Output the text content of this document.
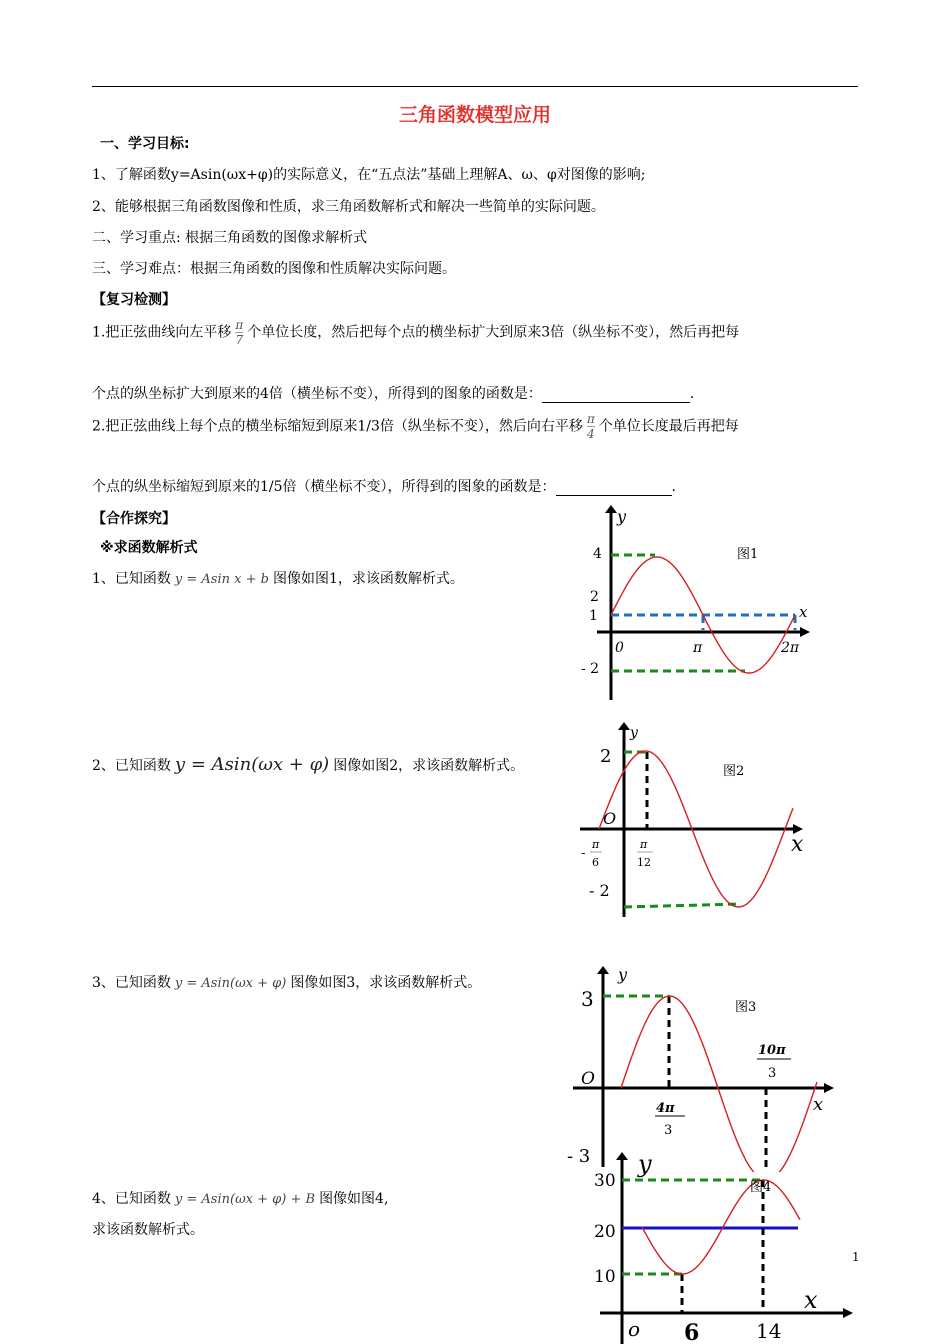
三角函数模型应用
一、学习目标:
1、了解函数y=Asin(ωx+φ)的实际意义，在“五点法”基础上理解A、ω、φ对图像的影响;
2、能够根据三角函数图像和性质，求三角函数解析式和解决一些简单的实际问题。
二、学习重点: 根据三角函数的图像求解析式
三、学习难点：根据三角函数的图像和性质解决实际问题。
【复习检测】
1.把正弦曲线向左平移 $\frac{\pi}{7}$ 个单位长度，然后把每个点的横坐标扩大到原来3倍（纵坐标不变），然后再把每
个点的纵坐标扩大到原来的4倍（横坐标不变），所得到的图象的函数是：	.
2.把正弦曲线上每个点的横坐标缩短到原来1/3倍（纵坐标不变），然后向右平移 $\frac{\pi}{4}$ 个单位长度最后再把每
个点的纵坐标缩短到原来的1/5倍（横坐标不变），所得到的图象的函数是：	.
【合作探究】
※求函数解析式
1、已知函数 y = Asin x + b 图像如图1，求该函数解析式。
2、已知函数 y = Asin(ωx + φ) 图像如图2，求该函数解析式。
3、已知函数 y = Asin(ωx + φ) 图像如图3，求该函数解析式。
4、已知函数 y = Asin(ωx + φ) + B 图像如图4,
求该函数解析式。
y
x
4
2
1
- 2
0	π	2π
图1
y
x
2
- 2
O
-
π
6
π
12
图2
y
x
3
- 3
O
4π
3
10π
3
图3
y
x
30
20
10
o 6	14
图4
1
